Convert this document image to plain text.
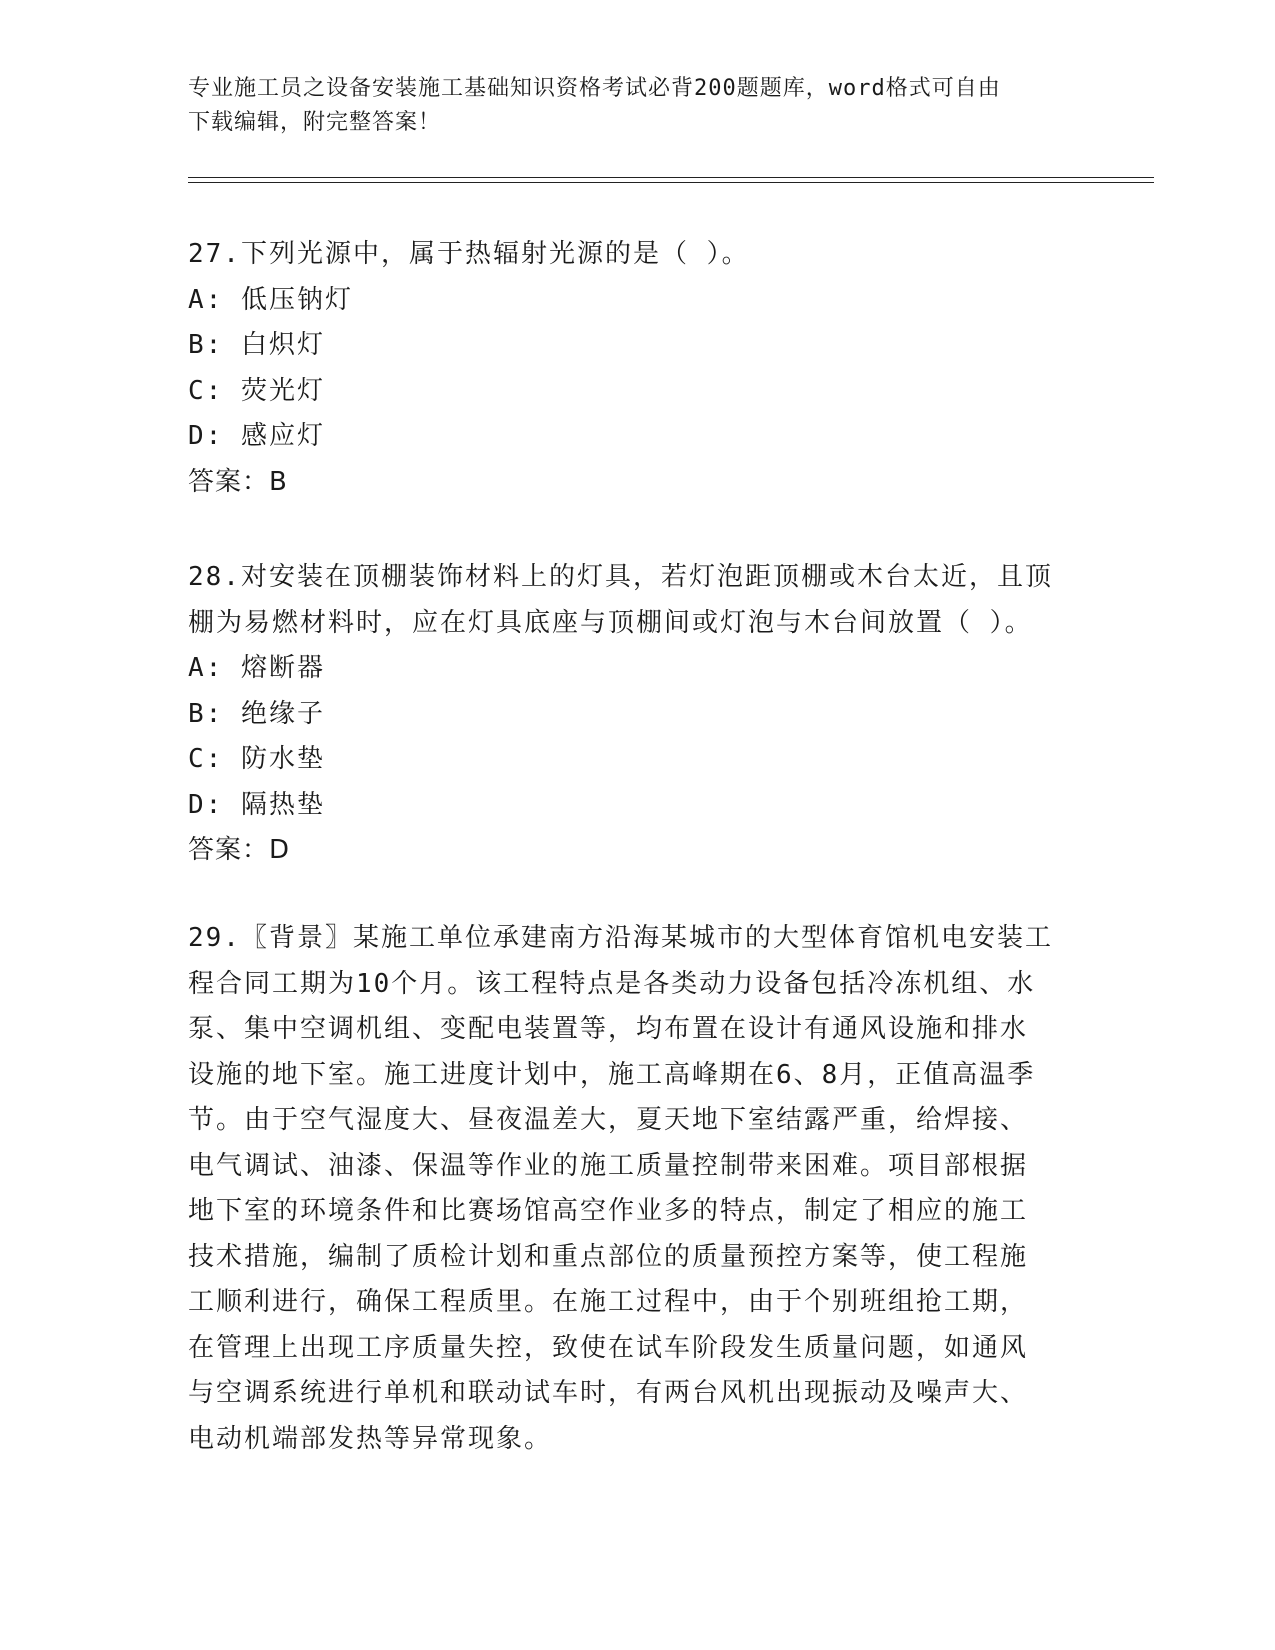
专业施工员之设备安装施工基础知识资格考试必背200题题库，word格式可自由
下载编辑，附完整答案！
27.下列光源中，属于热辐射光源的是（ ）。
A: 低压钠灯
B: 白炽灯
C: 荧光灯
D: 感应灯
答案：B
28.对安装在顶棚装饰材料上的灯具，若灯泡距顶棚或木台太近，且顶
棚为易燃材料时，应在灯具底座与顶棚间或灯泡与木台间放置（ ）。
A: 熔断器
B: 绝缘子
C: 防水垫
D: 隔热垫
答案：D
29.〖背景〗某施工单位承建南方沿海某城市的大型体育馆机电安装工
程合同工期为10个月。该工程特点是各类动力设备包括冷冻机组、水
泵、集中空调机组、变配电装置等，均布置在设计有通风设施和排水
设施的地下室。施工进度计划中，施工高峰期在6、8月，正值高温季
节。由于空气湿度大、昼夜温差大，夏天地下室结露严重，给焊接、
电气调试、油漆、保温等作业的施工质量控制带来困难。项目部根据
地下室的环境条件和比赛场馆高空作业多的特点，制定了相应的施工
技术措施，编制了质检计划和重点部位的质量预控方案等，使工程施
工顺利进行，确保工程质里。在施工过程中，由于个别班组抢工期，
在管理上出现工序质量失控，致使在试车阶段发生质量问题，如通风
与空调系统进行单机和联动试车时，有两台风机出现振动及噪声大、
电动机端部发热等异常现象。
